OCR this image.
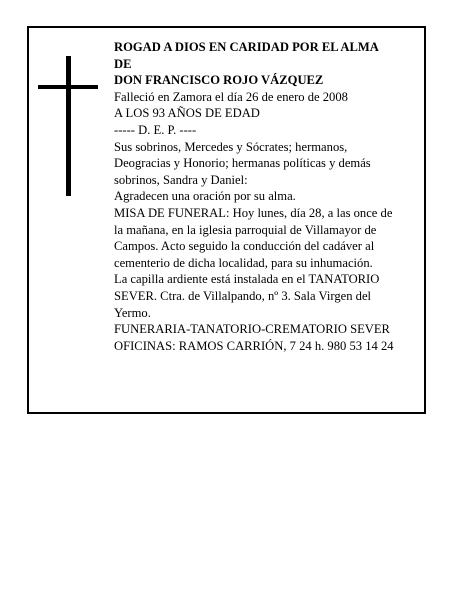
ROGAD A DIOS EN CARIDAD POR EL ALMA
DE
DON FRANCISCO ROJO VÁZQUEZ
Falleció en Zamora el día 26 de enero de 2008
A LOS 93 AÑOS DE EDAD
----- D. E. P. ----
Sus sobrinos, Mercedes y Sócrates; hermanos,
Deogracias y Honorio; hermanas políticas y demás
sobrinos, Sandra y Daniel:
Agradecen una oración por su alma.
MISA DE FUNERAL: Hoy lunes, día 28, a las once de
la mañana, en la iglesia parroquial de Villamayor de
Campos. Acto seguido la conducción del cadáver al
cementerio de dicha localidad, para su inhumación.
La capilla ardiente está instalada en el TANATORIO
SEVER. Ctra. de Villalpando, nº 3. Sala Virgen del
Yermo.
FUNERARIA-TANATORIO-CREMATORIO SEVER
OFICINAS: RAMOS CARRIÓN, 7 24 h. 980 53 14 24
